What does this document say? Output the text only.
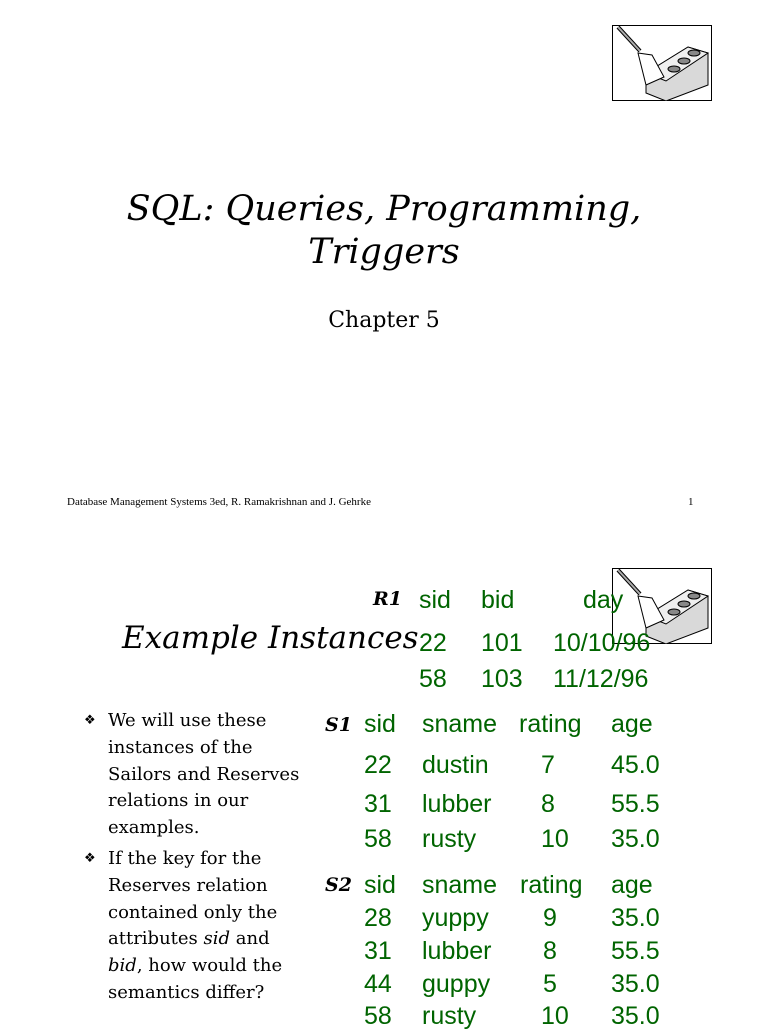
SQL: Queries, Programming,
Triggers
Chapter 5
Database Management Systems 3ed, R. Ramakrishnan and J. Gehrke	1
Example Instances
R1 sid bid	day
22 101 10/10/96
58 103 11/12/96
❖ We will use these instances of the Sailors and Reserves relations in our examples.
❖ If the key for the Reserves relation contained only the attributes sid and bid, how would the semantics differ?
S1 sid sname rating age
22 dustin 7 45.0
31 lubber 8 55.5
58 rusty	10 35.0
S2 sid sname rating age
28 yuppy 9 35.0
31 lubber 8 55.5
44 guppy 5 35.0
58 rusty	10 35.0
